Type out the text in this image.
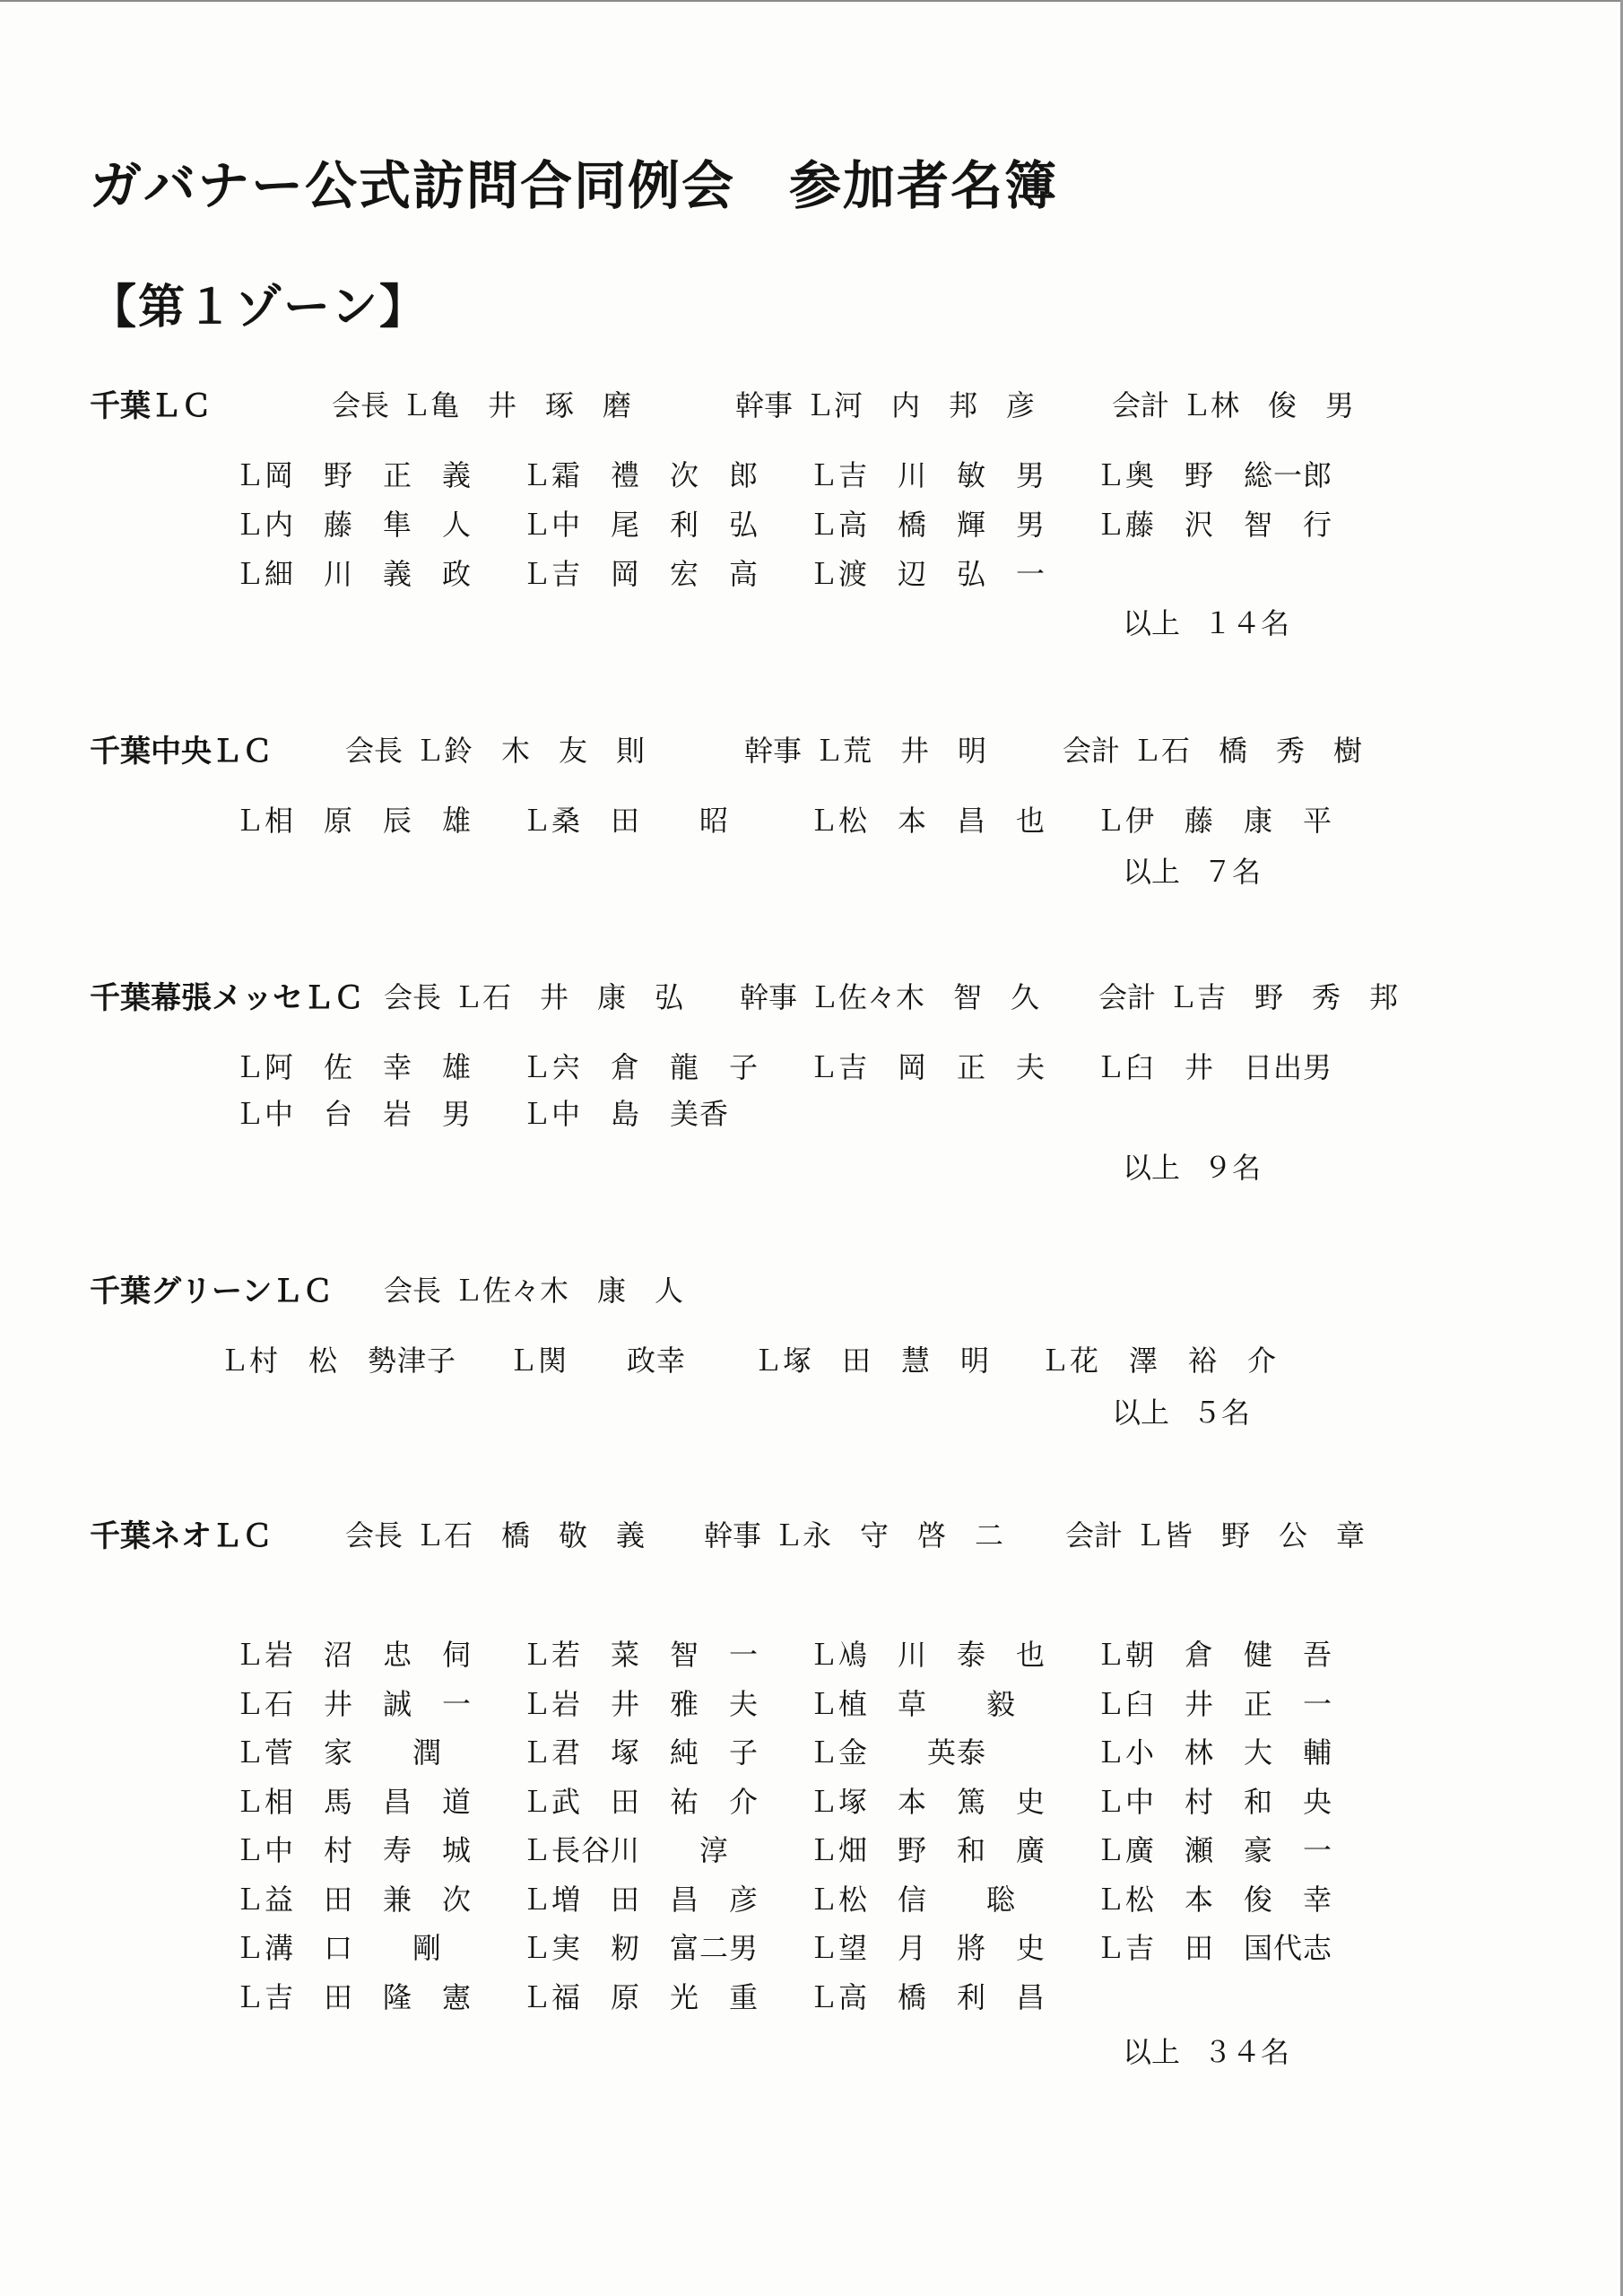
ガバナー公式訪問合同例会　参加者名簿
【第１ゾーン】
千葉ＬＣ	会長 Ｌ亀　井　琢　磨	幹事 Ｌ河　内　邦　彦	会計 Ｌ林　俊　男
Ｌ岡　野　正　義 Ｌ霜　禮　次　郎 Ｌ吉　川　敏　男 Ｌ奥　野　総一郎
Ｌ内　藤　隼　人 Ｌ中　尾　利　弘 Ｌ高　橋　輝　男 Ｌ藤　沢　智　行
Ｌ細　川　義　政 Ｌ吉　岡　宏　高 Ｌ渡　辺　弘　一
以上 １４名
千葉中央ＬＣ	会長 Ｌ鈴　木　友　則	幹事 Ｌ荒　井　明	会計 Ｌ石　橋　秀　樹
Ｌ相　原　辰　雄 Ｌ桑　田　　昭	Ｌ松　本　昌　也 Ｌ伊　藤　康　平
以上 ７名
千葉幕張メッセＬＣ 会長 Ｌ石　井　康　弘 幹事 Ｌ佐々木　智　久 会計 Ｌ吉　野　秀　邦
Ｌ阿　佐　幸　雄 Ｌ宍　倉　龍　子 Ｌ吉　岡　正　夫 Ｌ臼　井　日出男
Ｌ中　台　岩　男 Ｌ中　島　美香
以上 ９名
千葉グリーンＬＣ 会長 Ｌ佐々木　康　人
Ｌ村　松　勢津子 Ｌ関　　政幸 Ｌ塚　田　慧　明 Ｌ花　澤　裕　介
以上 ５名
千葉ネオＬＣ	会長 Ｌ石　橋　敬　義 幹事 Ｌ永　守　啓　二 会計 Ｌ皆　野　公　章
Ｌ岩　沼　忠　伺 Ｌ若　菜　智　一 Ｌ鳰　川　泰　也 Ｌ朝　倉　健　吾
Ｌ石　井　誠　一 Ｌ岩　井　雅　夫 Ｌ植　草　　毅	Ｌ臼　井　正　一
Ｌ菅　家　　潤	Ｌ君　塚　純　子 Ｌ金　　英泰	Ｌ小　林　大　輔
Ｌ相　馬　昌　道 Ｌ武　田　祐　介 Ｌ塚　本　篤　史 Ｌ中　村　和　央
Ｌ中　村　寿　城 Ｌ長谷川　　淳	Ｌ畑　野　和　廣 Ｌ廣　瀬　豪　一
Ｌ益　田　兼　次 Ｌ増　田　昌　彦 Ｌ松　信　　聡	Ｌ松　本　俊　幸
Ｌ溝　口　　剛	Ｌ実　籾　富二男 Ｌ望　月　將　史 Ｌ吉　田　国代志
Ｌ吉　田　隆　憲 Ｌ福　原　光　重 Ｌ高　橋　利　昌
以上 ３４名
